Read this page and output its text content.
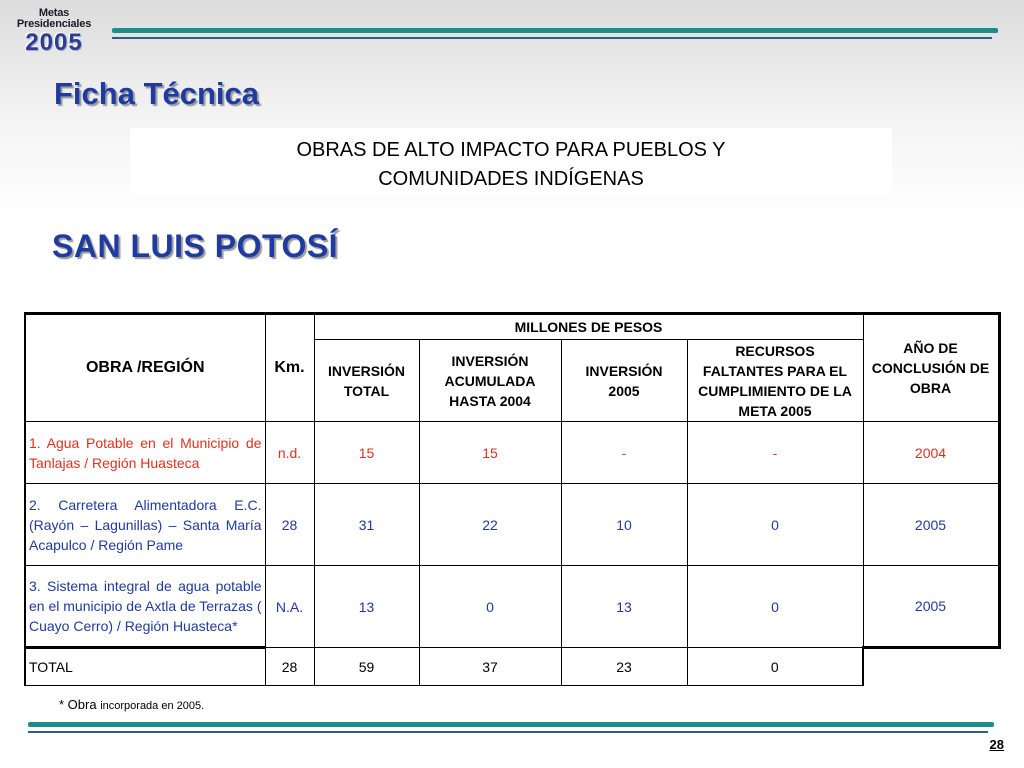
Metas
Presidenciales
2005
Ficha Técnica
OBRAS DE ALTO IMPACTO PARA PUEBLOS Y
COMUNIDADES INDÍGENAS
SAN LUIS POTOSÍ
OBRA /REGIÓN	Km.	MILLONES DE PESOS				AÑO DE CONCLUSIÓN DE OBRA
		INVERSIÓN TOTAL	INVERSIÓN ACUMULADA HASTA 2004	INVERSIÓN 2005	RECURSOS FALTANTES PARA EL CUMPLIMIENTO DE LA META 2005	
1. Agua Potable en el Municipio de Tanlajas / Región Huasteca	n.d.	15	15	-	-	2004
2. Carretera Alimentadora E.C. (Rayón – Lagunillas) – Santa María Acapulco / Región Pame	28	31	22	10	0	2005
3. Sistema integral de agua potable en el municipio de Axtla de Terrazas ( Cuayo Cerro) / Región Huasteca*	N.A.	13	0	13	0	2005
TOTAL	28	59	37	23	0	
* Obra incorporada en 2005.
28
